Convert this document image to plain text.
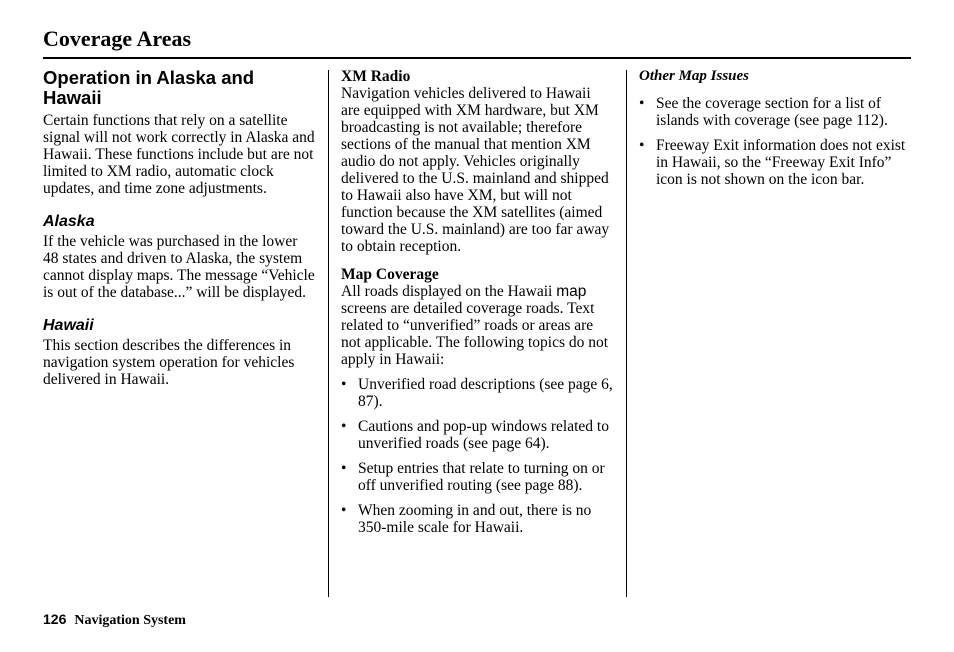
Coverage Areas
Operation in Alaska and Hawaii

Certain functions that rely on a satellite signal will not work correctly in Alaska and Hawaii. These functions include but are not limited to XM radio, automatic clock updates, and time zone adjustments.

Alaska

If the vehicle was purchased in the lower 48 states and driven to Alaska, the system cannot display maps. The message “Vehicle is out of the database...” will be displayed.

Hawaii

This section describes the differences in navigation system operation for vehicles delivered in Hawaii.

XM Radio

Navigation vehicles delivered to Hawaii are equipped with XM hardware, but XM broadcasting is not available; therefore sections of the manual that mention XM audio do not apply. Vehicles originally delivered to the U.S. mainland and shipped to Hawaii also have XM, but will not function because the XM satellites (aimed toward the U.S. mainland) are too far away to obtain reception.

Map Coverage

All roads displayed on the Hawaii map screens are detailed coverage roads. Text related to “unverified” roads or areas are not applicable. The following topics do not apply in Hawaii:

• Unverified road descriptions (see page 6, 87).
• Cautions and pop-up windows related to unverified roads (see page 64).
• Setup entries that relate to turning on or off unverified routing (see page 88).
• When zooming in and out, there is no 350-mile scale for Hawaii.
Other Map Issues
• See the coverage section for a list of islands with coverage (see page 112).
• Freeway Exit information does not exist in Hawaii, so the “Freeway Exit Info” icon is not shown on the icon bar.
126 Navigation System
